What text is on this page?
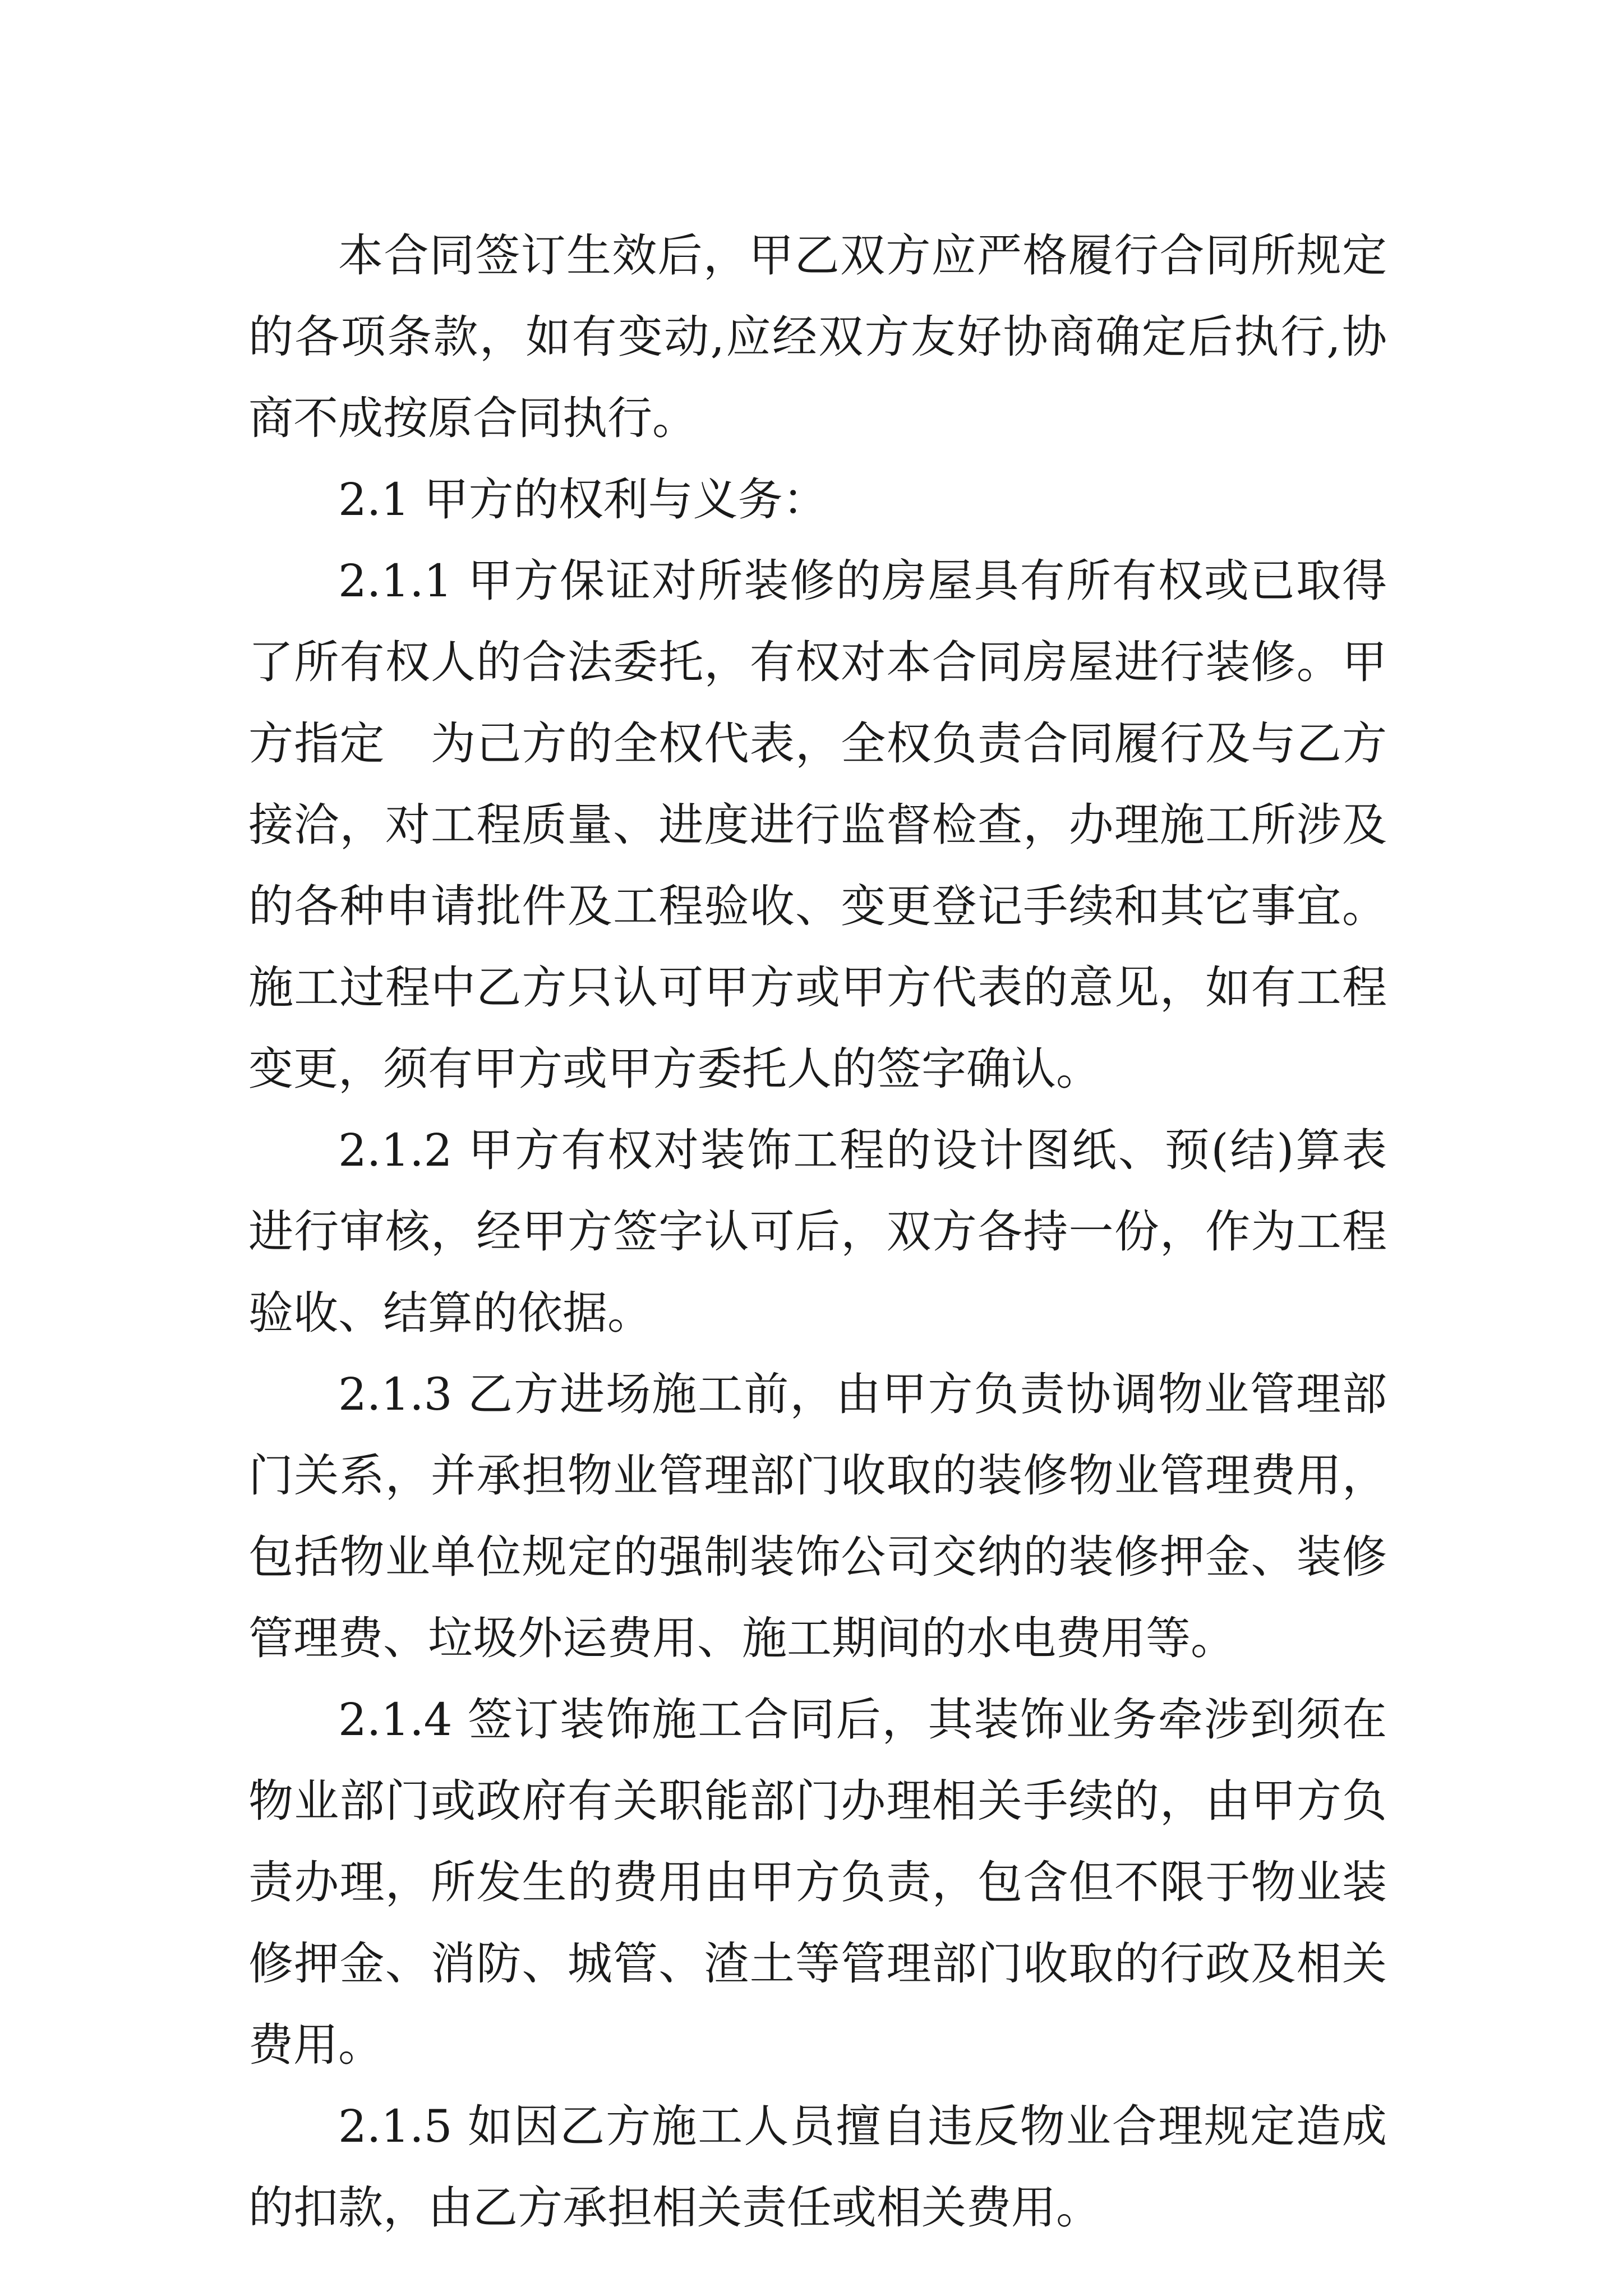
本合同签订生效后，甲乙双方应严格履行合同所规定的各项条款，如有变动,应经双方友好协商确定后执行,协商不成按原合同执行。

2.1 甲方的权利与义务：

2.1.1 甲方保证对所装修的房屋具有所有权或已取得了所有权人的合法委托，有权对本合同房屋进行装修。甲方指定　为己方的全权代表，全权负责合同履行及与乙方接洽，对工程质量、进度进行监督检查，办理施工所涉及的各种申请批件及工程验收、变更登记手续和其它事宜。施工过程中乙方只认可甲方或甲方代表的意见，如有工程变更，须有甲方或甲方委托人的签字确认。

2.1.2 甲方有权对装饰工程的设计图纸、预(结)算表进行审核，经甲方签字认可后，双方各持一份，作为工程验收、结算的依据。

2.1.3 乙方进场施工前，由甲方负责协调物业管理部门关系，并承担物业管理部门收取的装修物业管理费用，包括物业单位规定的强制装饰公司交纳的装修押金、装修管理费、垃圾外运费用、施工期间的水电费用等。

2.1.4 签订装饰施工合同后，其装饰业务牵涉到须在物业部门或政府有关职能部门办理相关手续的，由甲方负责办理，所发生的费用由甲方负责，包含但不限于物业装修押金、消防、城管、渣土等管理部门收取的行政及相关费用。

2.1.5 如因乙方施工人员擅自违反物业合理规定造成的扣款，由乙方承担相关责任或相关费用。
